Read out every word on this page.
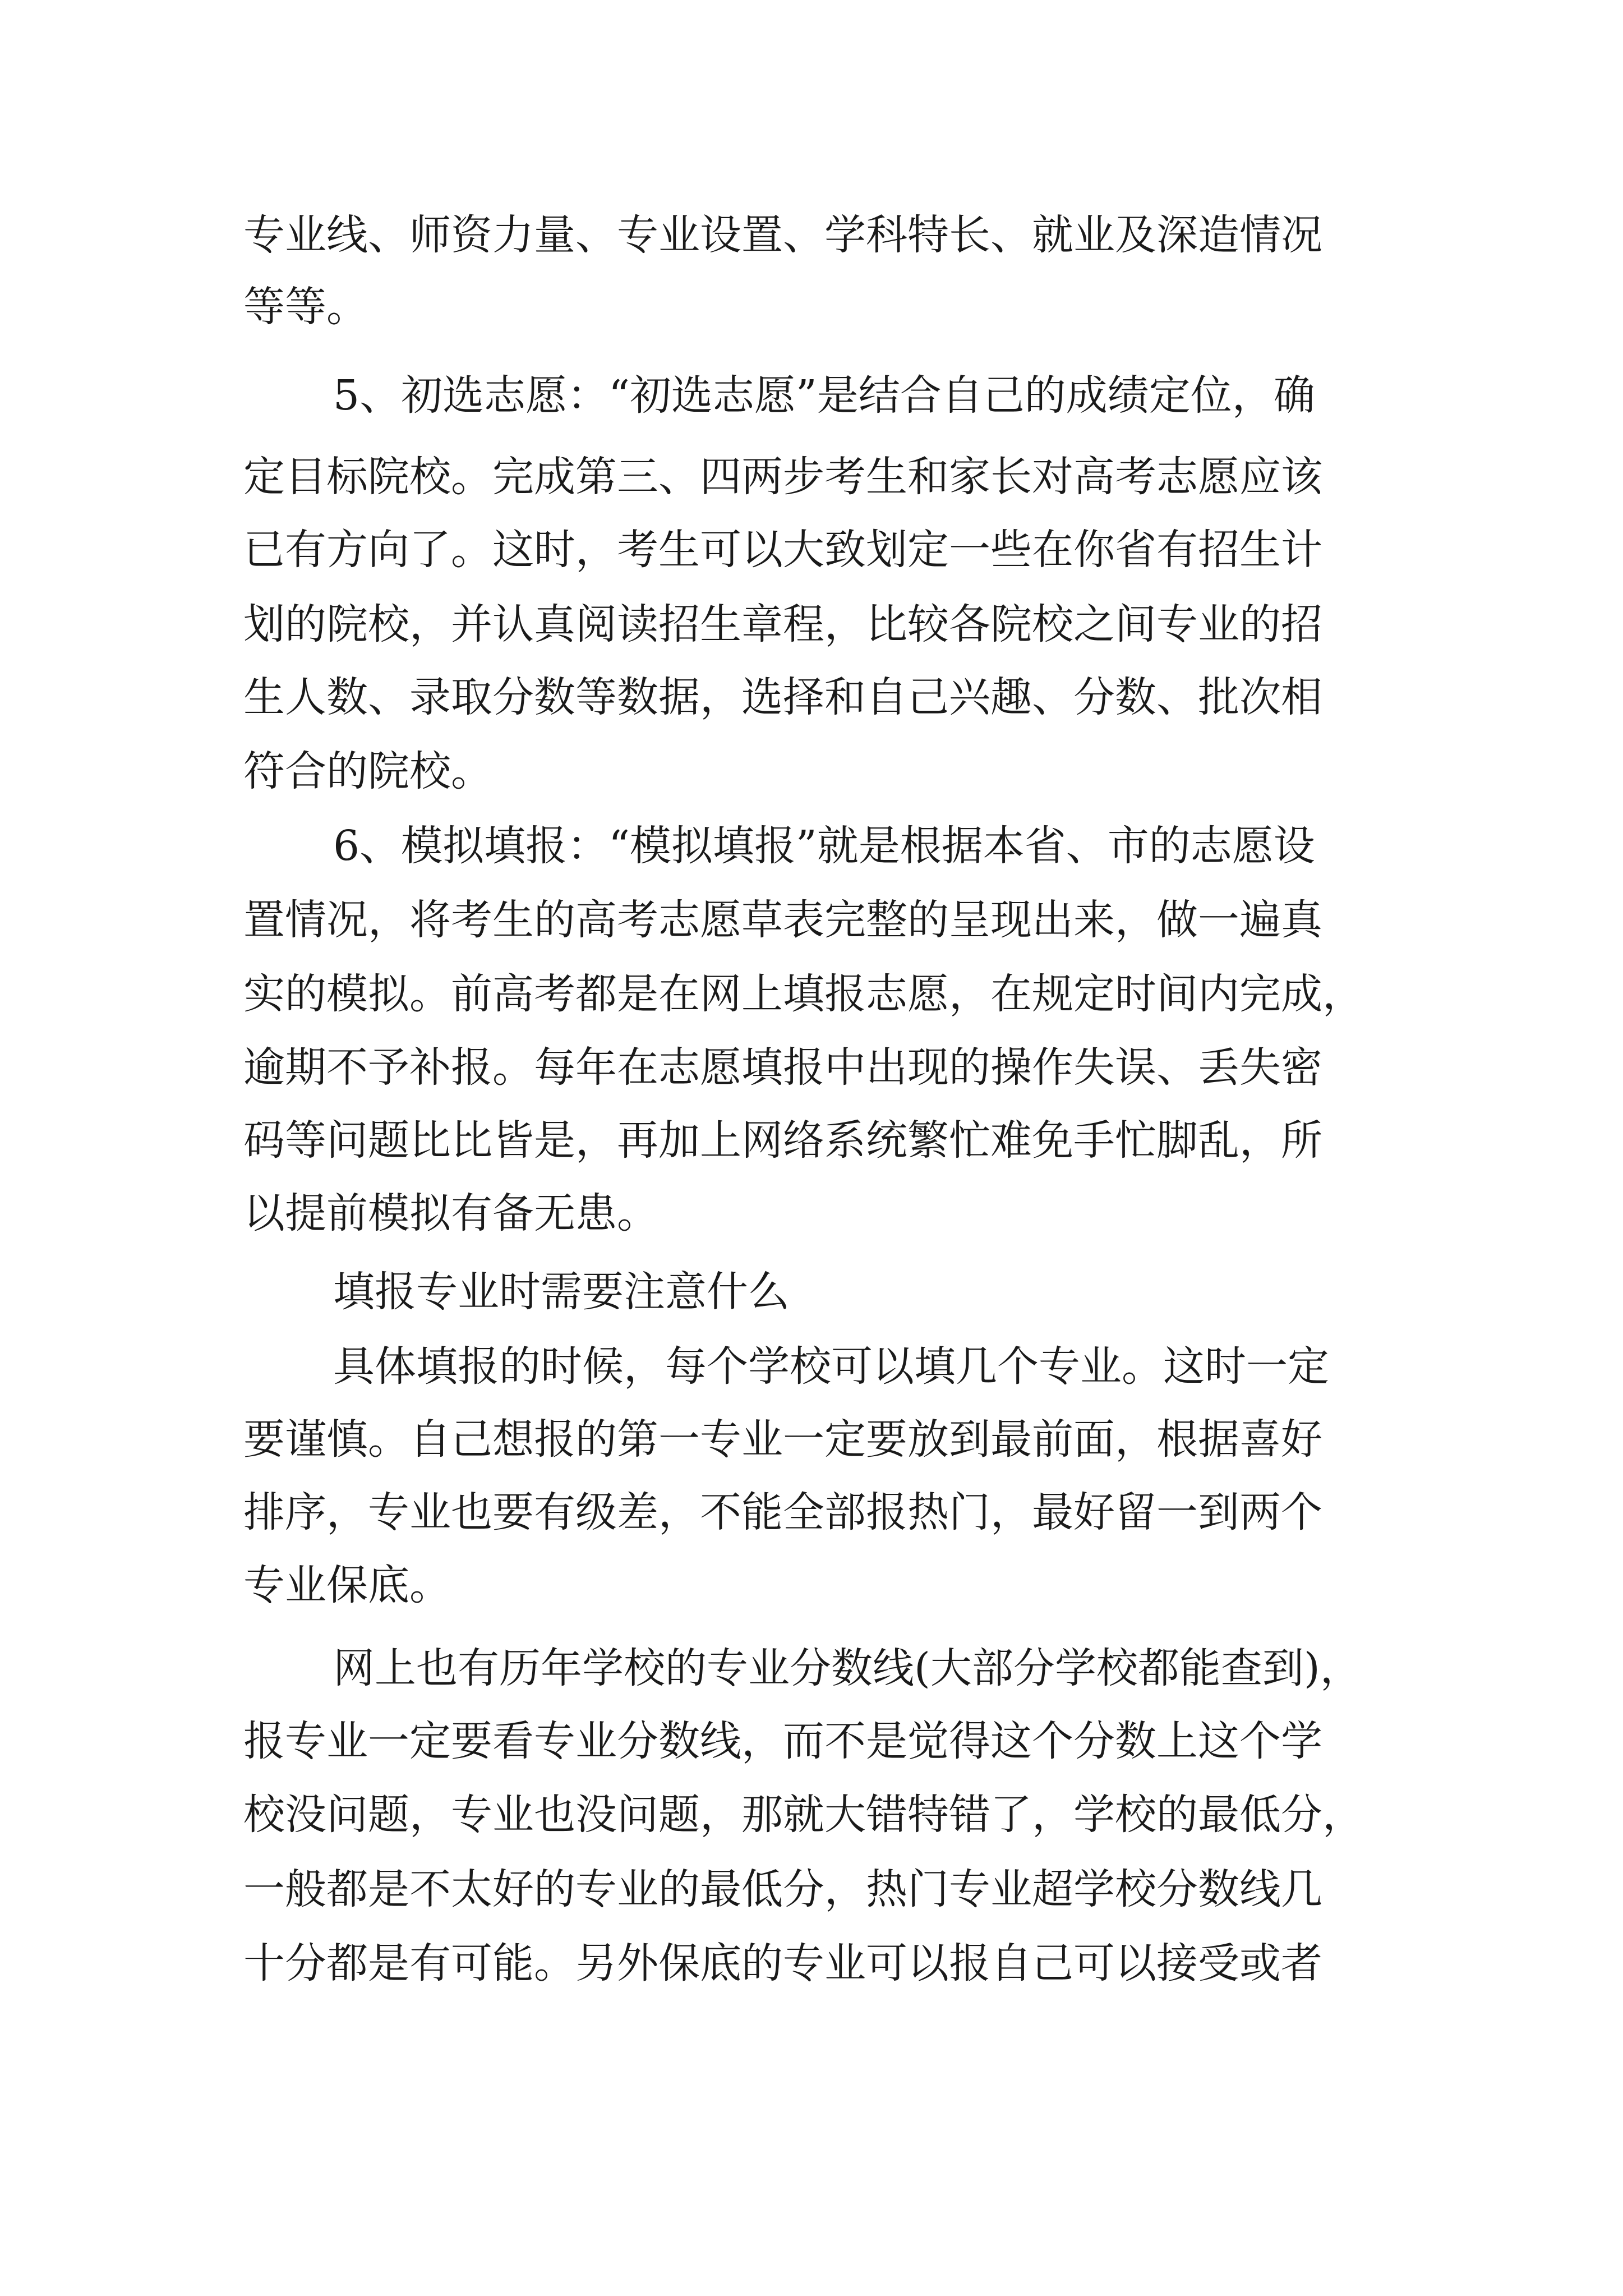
专业线、师资力量、专业设置、学科特长、就业及深造情况
等等。
5、初选志愿：“初选志愿”是结合自己的成绩定位，确
定目标院校。完成第三、四两步考生和家长对高考志愿应该
已有方向了。这时，考生可以大致划定一些在你省有招生计
划的院校，并认真阅读招生章程，比较各院校之间专业的招
生人数、录取分数等数据，选择和自己兴趣、分数、批次相
符合的院校。
6、模拟填报：“模拟填报”就是根据本省、市的志愿设
置情况，将考生的高考志愿草表完整的呈现出来，做一遍真
实的模拟。前高考都是在网上填报志愿，在规定时间内完成，
逾期不予补报。每年在志愿填报中出现的操作失误、丢失密
码等问题比比皆是，再加上网络系统繁忙难免手忙脚乱，所
以提前模拟有备无患。
填报专业时需要注意什么
具体填报的时候，每个学校可以填几个专业。这时一定
要谨慎。自己想报的第一专业一定要放到最前面，根据喜好
排序，专业也要有级差，不能全部报热门，最好留一到两个
专业保底。
网上也有历年学校的专业分数线(大部分学校都能查到)，
报专业一定要看专业分数线，而不是觉得这个分数上这个学
校没问题，专业也没问题，那就大错特错了，学校的最低分，
一般都是不太好的专业的最低分，热门专业超学校分数线几
十分都是有可能。另外保底的专业可以报自己可以接受或者
